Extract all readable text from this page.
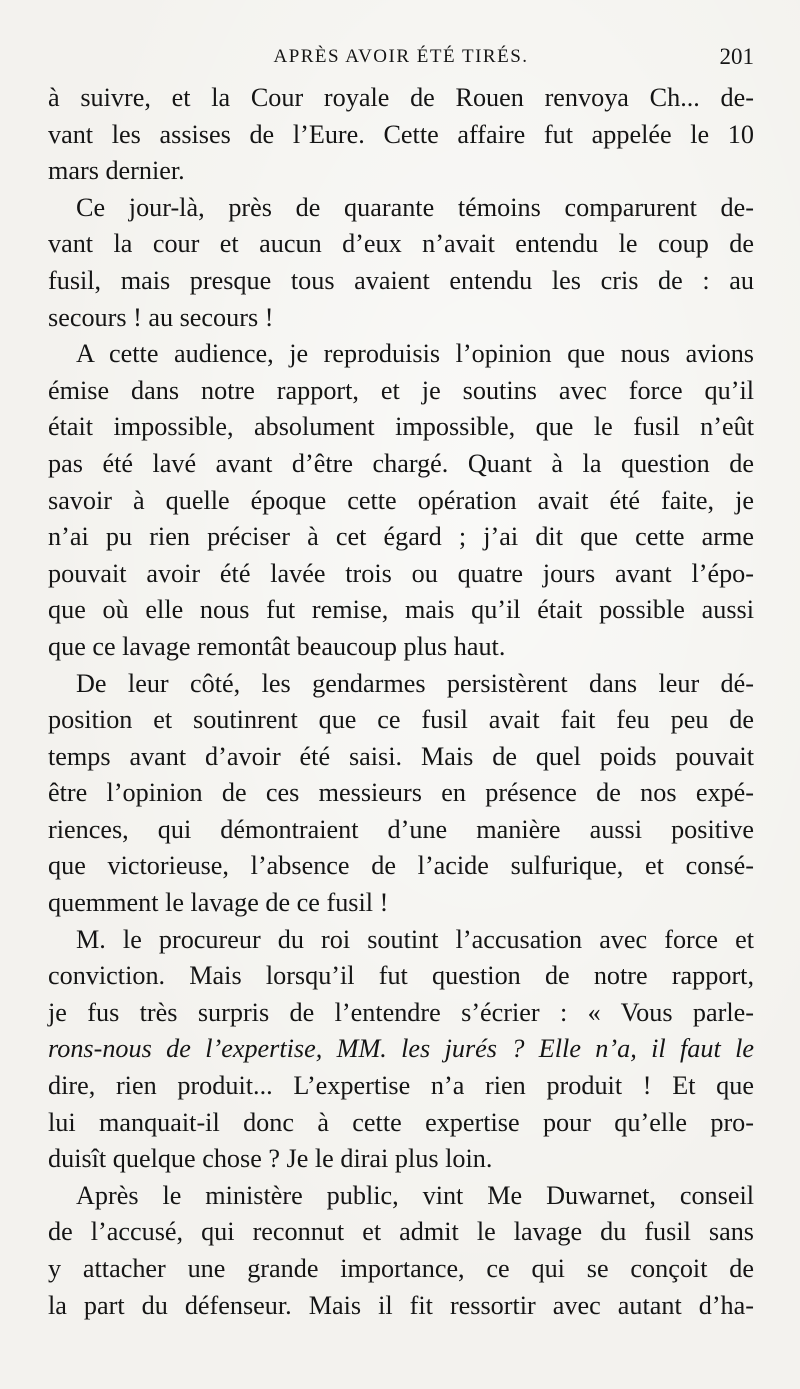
APRÈS AVOIR ÉTÉ TIRÉS.	201

à suivre, et la Cour royale de Rouen renvoya Ch... de-
vant les assises de l’Eure. Cette affaire fut appelée le 10
mars dernier.

Ce jour-là, près de quarante témoins comparurent de-
vant la cour et aucun d’eux n’avait entendu le coup de
fusil, mais presque tous avaient entendu les cris de : au
secours ! au secours !

A cette audience, je reproduisis l’opinion que nous avions
émise dans notre rapport, et je soutins avec force qu’il
était impossible, absolument impossible, que le fusil n’eût
pas été lavé avant d’être chargé. Quant à la question de
savoir à quelle époque cette opération avait été faite, je
n’ai pu rien préciser à cet égard ; j’ai dit que cette arme
pouvait avoir été lavée trois ou quatre jours avant l’épo-
que où elle nous fut remise, mais qu’il était possible aussi
que ce lavage remontât beaucoup plus haut.

De leur côté, les gendarmes persistèrent dans leur dé-
position et soutinrent que ce fusil avait fait feu peu de
temps avant d’avoir été saisi. Mais de quel poids pouvait
être l’opinion de ces messieurs en présence de nos expé-
riences, qui démontraient d’une manière aussi positive
que victorieuse, l’absence de l’acide sulfurique, et consé-
quemment le lavage de ce fusil !

M. le procureur du roi soutint l’accusation avec force et
conviction. Mais lorsqu’il fut question de notre rapport,
je fus très surpris de l’entendre s’écrier : « Vous parle-
rons-nous de l’expertise, MM. les jurés ? Elle n’a, il faut le
dire, rien produit... L’expertise n’a rien produit ! Et que
lui manquait-il donc à cette expertise pour qu’elle pro-
duisît quelque chose ? Je le dirai plus loin.

Après le ministère public, vint Me Duwarnet, conseil
de l’accusé, qui reconnut et admit le lavage du fusil sans
y attacher une grande importance, ce qui se conçoit de
la part du défenseur. Mais il fit ressortir avec autant d’ha-
